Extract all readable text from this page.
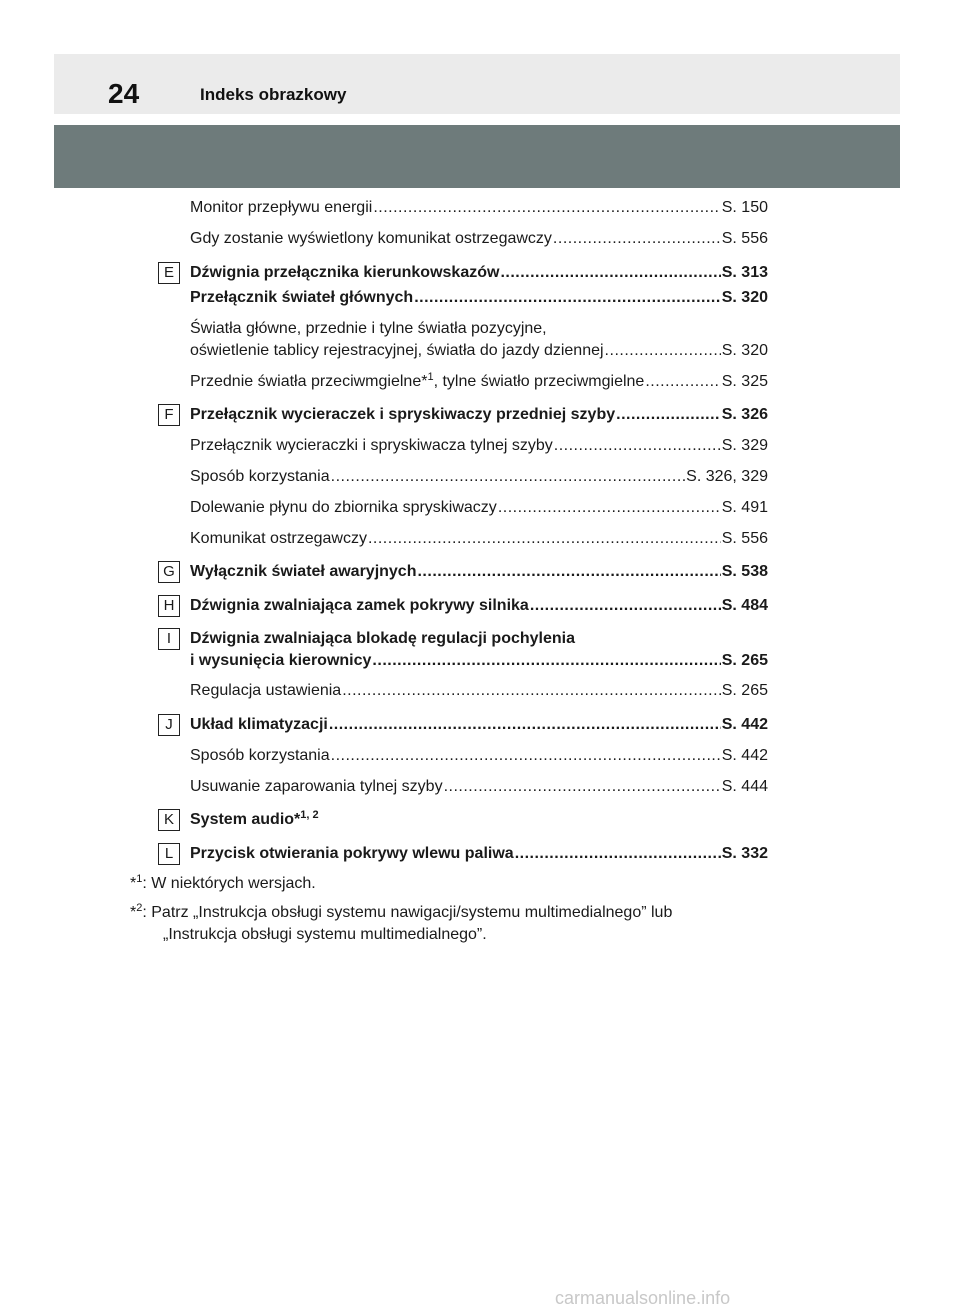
24	Indeks obrazkowy
Monitor przepływu energii .....	S. 150
Gdy zostanie wyświetlony komunikat ostrzegawczy .....	S. 556
E	Dźwignia przełącznika kierunkowskazów .....	S. 313
Przełącznik świateł głównych .....	S. 320
Światła główne, przednie i tylne światła pozycyjne,
oświetlenie tablicy rejestracyjnej, światła do jazdy dziennej .....	S. 320
Przednie światła przeciwmgielne*$^1$, tylne światło przeciwmgielne .....	S. 325
F	Przełącznik wycieraczek i spryskiwaczy przedniej szyby .....	S. 326
Przełącznik wycieraczki i spryskiwacza tylnej szyby .....	S. 329
Sposób korzystania .....	S. 326, 329
Dolewanie płynu do zbiornika spryskiwaczy .....	S. 491
Komunikat ostrzegawczy .....	S. 556
G Wyłącznik świateł awaryjnych .....	S. 538
H Dźwignia zwalniająca zamek pokrywy silnika .....	S. 484
I	Dźwignia zwalniająca blokadę regulacji pochylenia
i wysunięcia kierownicy .....	S. 265
Regulacja ustawienia .....	S. 265
J	Układ klimatyzacji .....	S. 442
Sposób korzystania .....	S. 442
Usuwanie zaparowania tylnej szyby .....	S. 444
K	System audio*$^{1, 2}$
L	Przycisk otwierania pokrywy wlewu paliwa .....	S. 332
*$^1$: W niektórych wersjach.
*$^2$: Patrz „Instrukcja obsługi systemu nawigacji/systemu multimedialnego” lub
„Instrukcja obsługi systemu multimedialnego”.
carmanualsonline.info
